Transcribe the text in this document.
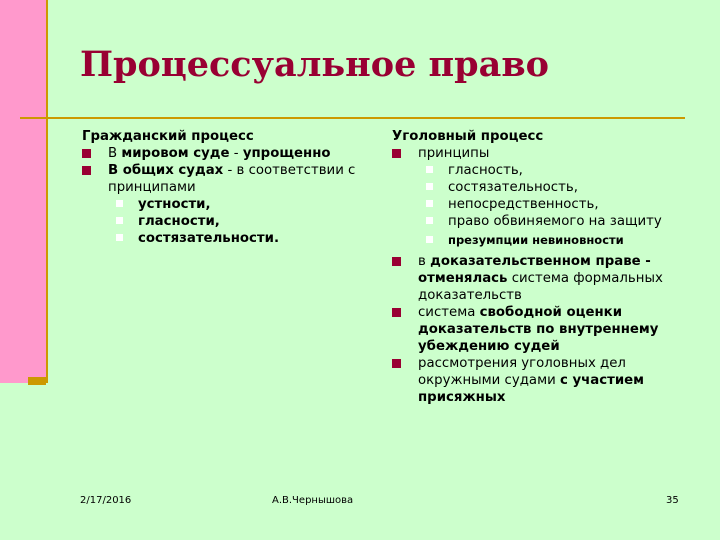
Процессуальное право
Гражданский процесс
В мировом суде - упрощенно
В общих судах - в соответствии с принципами
устности,
гласности,
состязательности.
Уголовный процесс
принципы
гласность,
состязательность,
непосредственность,
право обвиняемого на защиту
презумпции невиновности
в доказательственном праве - отменялась система формальных доказательств
система свободной оценки доказательств по внутреннему убеждению судей
рассмотрения уголовных дел окружными судами с участием присяжных
2/17/2016	А.В.Чернышова	35
